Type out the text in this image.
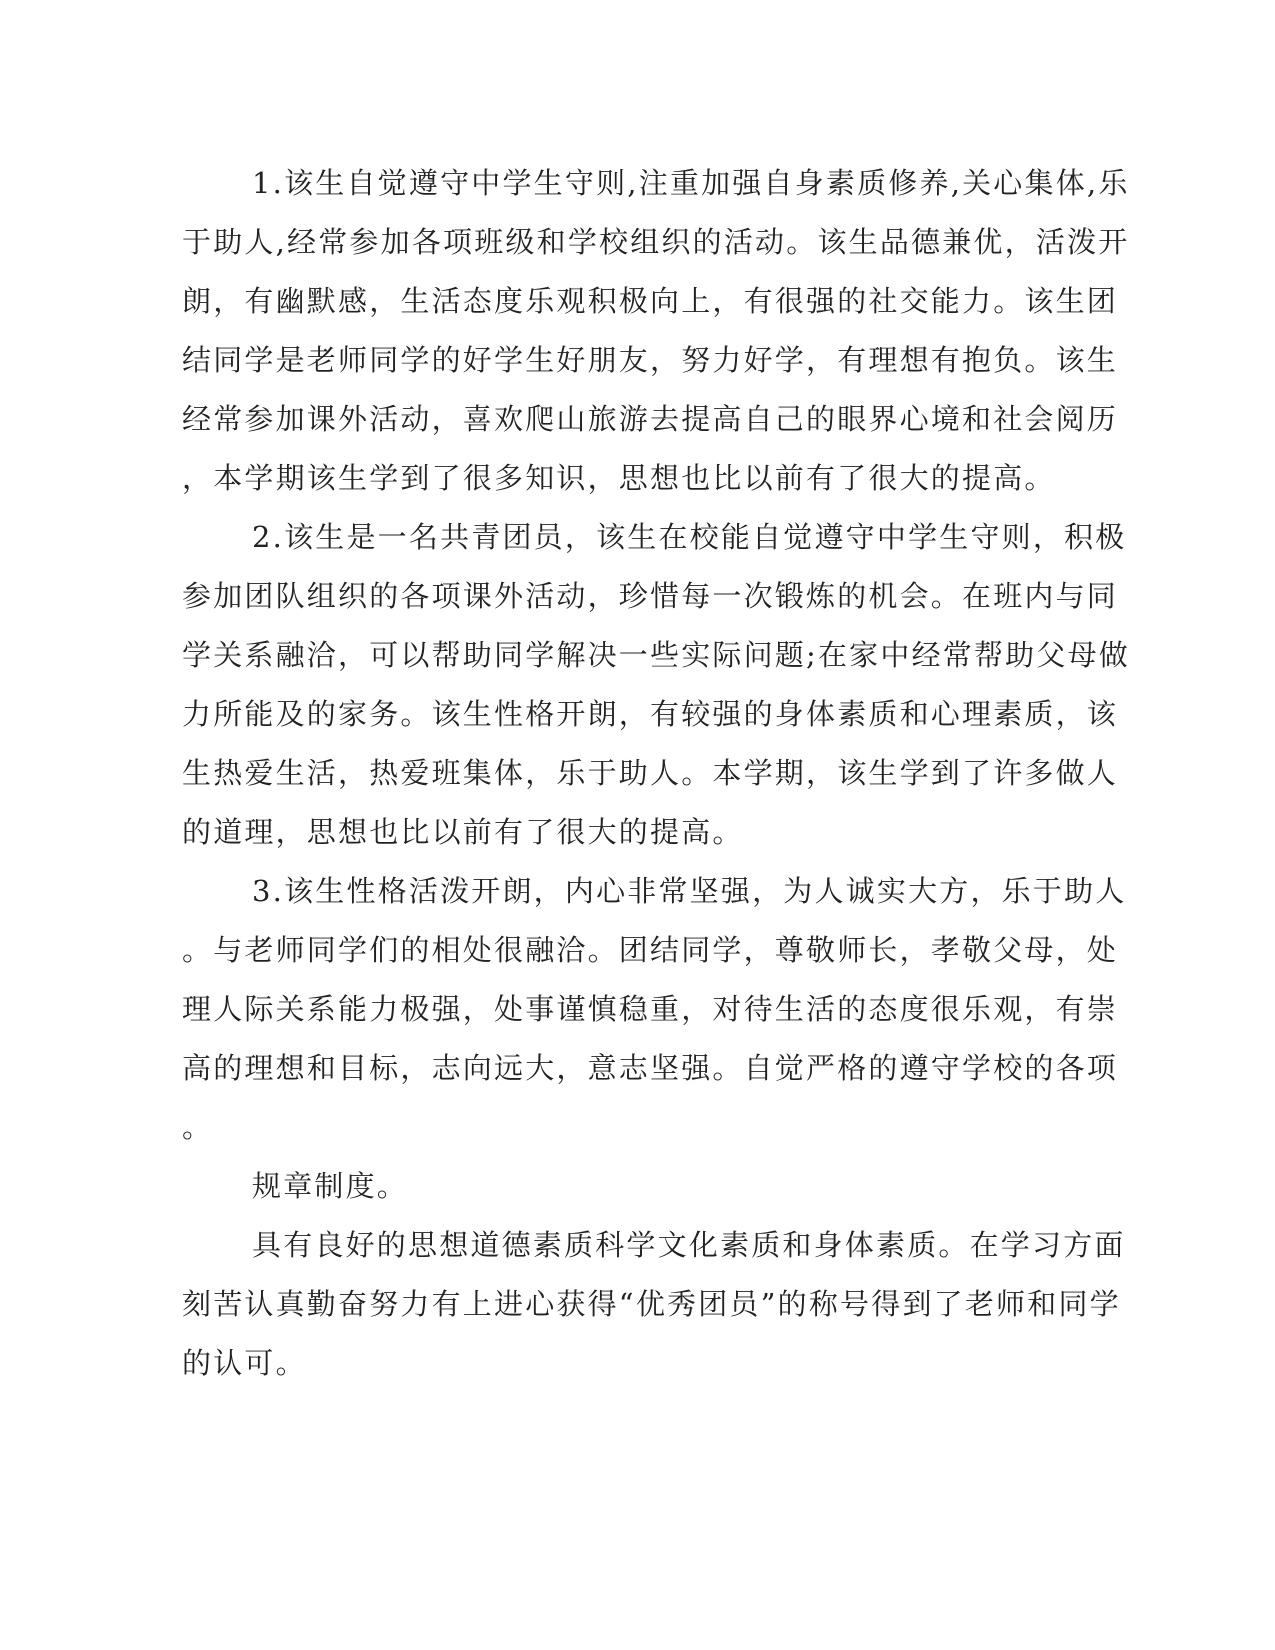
1.该生自觉遵守中学生守则,注重加强自身素质修养,关心集体,乐
于助人,经常参加各项班级和学校组织的活动。该生品德兼优，活泼开
朗，有幽默感，生活态度乐观积极向上，有很强的社交能力。该生团
结同学是老师同学的好学生好朋友，努力好学，有理想有抱负。该生
经常参加课外活动，喜欢爬山旅游去提高自己的眼界心境和社会阅历
，本学期该生学到了很多知识，思想也比以前有了很大的提高。
2.该生是一名共青团员，该生在校能自觉遵守中学生守则，积极
参加团队组织的各项课外活动，珍惜每一次锻炼的机会。在班内与同
学关系融洽，可以帮助同学解决一些实际问题;在家中经常帮助父母做
力所能及的家务。该生性格开朗，有较强的身体素质和心理素质，该
生热爱生活，热爱班集体，乐于助人。本学期，该生学到了许多做人
的道理，思想也比以前有了很大的提高。
3.该生性格活泼开朗，内心非常坚强，为人诚实大方，乐于助人
。与老师同学们的相处很融洽。团结同学，尊敬师长，孝敬父母，处
理人际关系能力极强，处事谨慎稳重，对待生活的态度很乐观，有崇
高的理想和目标，志向远大，意志坚强。自觉严格的遵守学校的各项
。
规章制度。
具有良好的思想道德素质科学文化素质和身体素质。在学习方面
刻苦认真勤奋努力有上进心获得“优秀团员”的称号得到了老师和同学
的认可。
